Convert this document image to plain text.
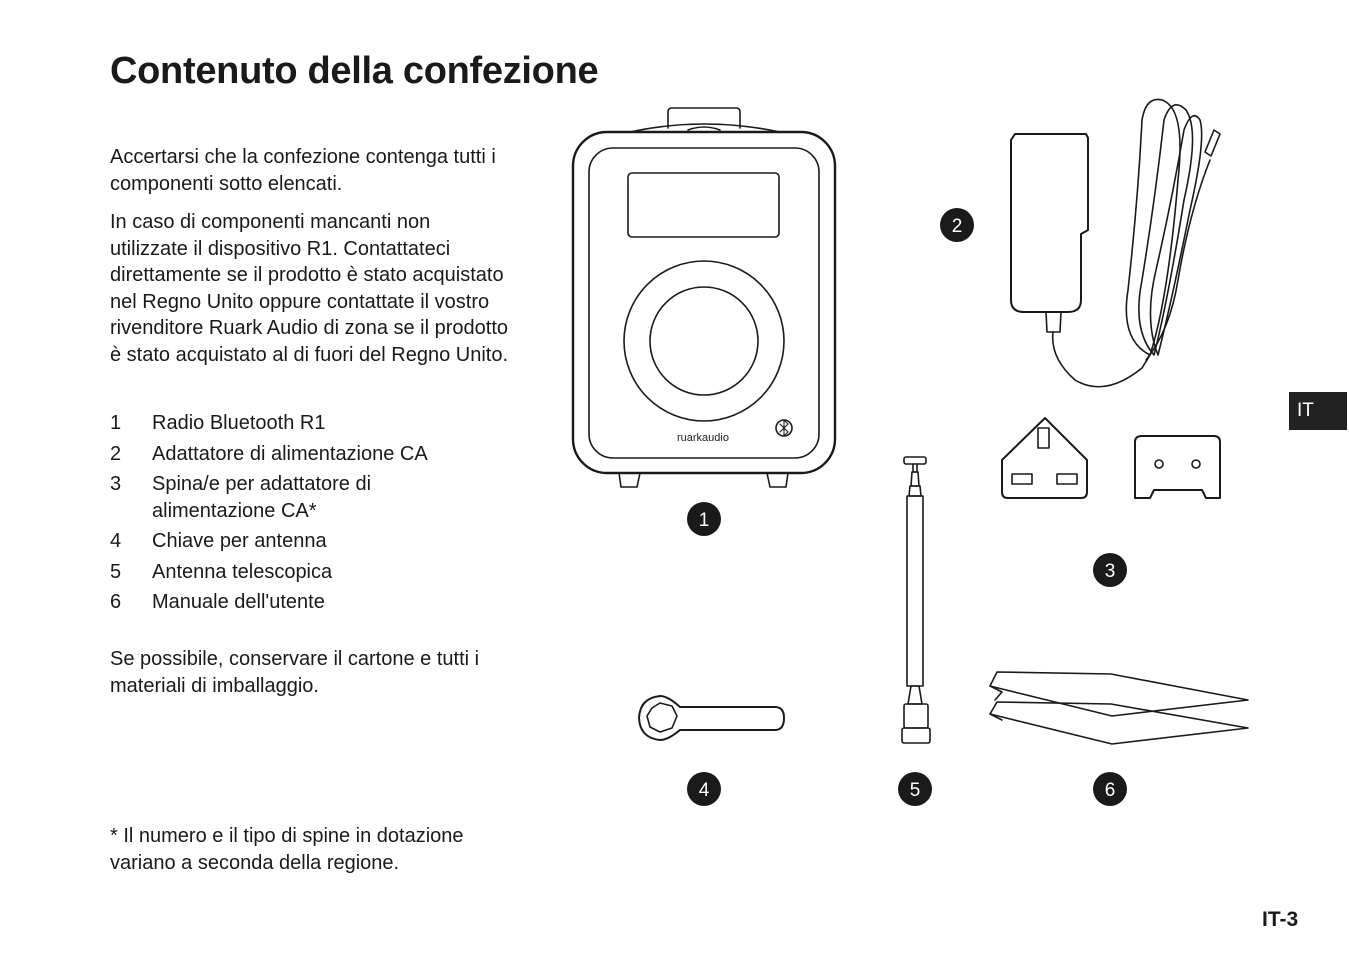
Contenuto della confezione

Accertarsi che la confezione contenga tutti i componenti sotto elencati.

In caso di componenti mancanti non utilizzate il dispositivo R1. Contattateci direttamente se il prodotto è stato acquistato nel Regno Unito oppure contattate il vostro rivenditore Ruark Audio di zona se il prodotto è stato acquistato al di fuori del Regno Unito.

1	Radio Bluetooth R1
2	Adattatore di alimentazione CA
3	Spina/e per adattatore di alimentazione CA*
4	Chiave per antenna
5	Antenna telescopica
6	Manuale dell'utente

Se possibile, conservare il cartone e tutti i materiali di imballaggio.

* Il numero e il tipo di spine in dotazione variano a seconda della regione.

IT
IT-3
ruarkaudio
1
2
3
4	5	6
